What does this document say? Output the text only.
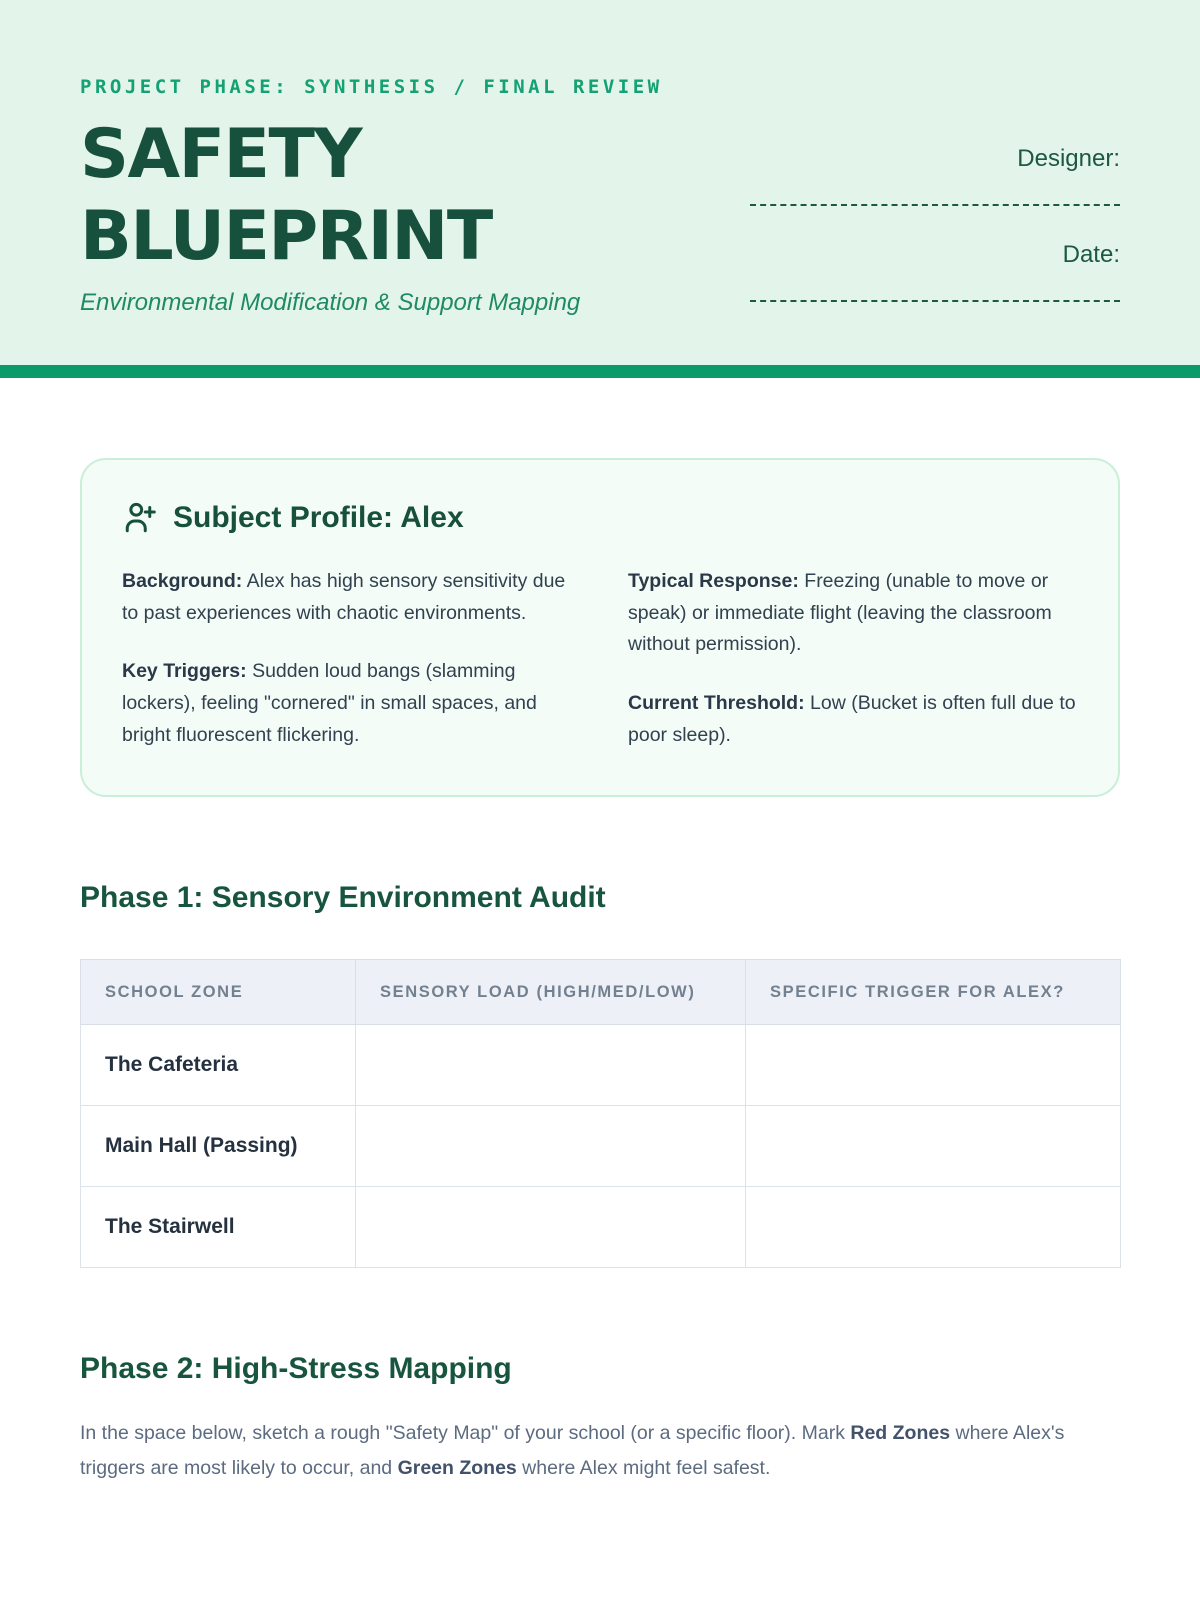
PROJECT PHASE: SYNTHESIS / FINAL REVIEW
SAFETY
BLUEPRINT
Environmental Modification & Support Mapping
Designer:
Date:
Subject Profile: Alex

Background: Alex has high sensory sensitivity due to past experiences with chaotic environments.

Key Triggers: Sudden loud bangs (slamming lockers), feeling "cornered" in small spaces, and bright fluorescent flickering.

Typical Response: Freezing (unable to move or speak) or immediate flight (leaving the classroom without permission).

Current Threshold: Low (Bucket is often full due to poor sleep).

Phase 1: Sensory Environment Audit
SCHOOL ZONE	SENSORY LOAD (HIGH/MED/LOW)	SPECIFIC TRIGGER FOR ALEX?
The Cafeteria		
Main Hall (Passing)		
The Stairwell		
Phase 2: High-Stress Mapping

In the space below, sketch a rough "Safety Map" of your school (or a specific floor). Mark Red Zones where Alex's triggers are most likely to occur, and Green Zones where Alex might feel safest.
